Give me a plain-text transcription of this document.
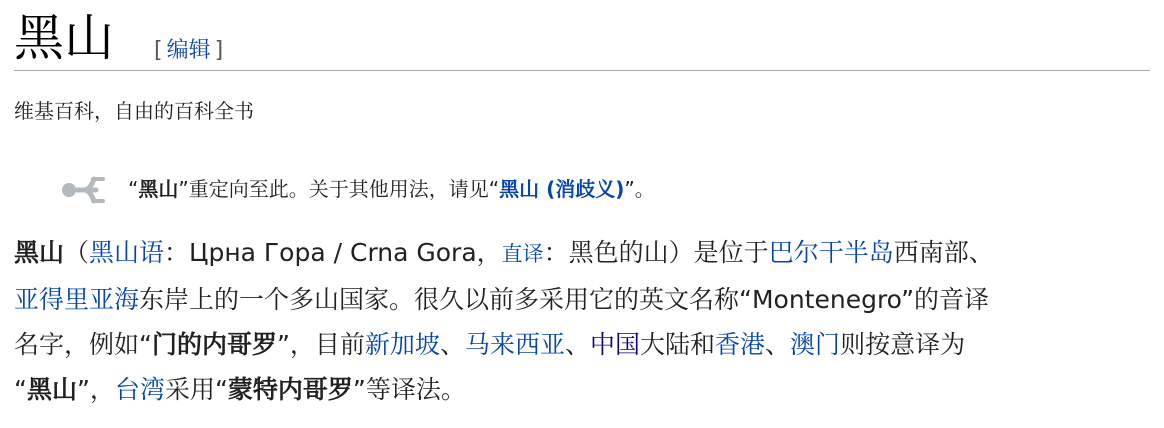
黑山 [ 编辑 ]
维基百科，自由的百科全书
“黑山”重定向至此。关于其他用法，请见“黑山 (消歧义)”。
黑山（黑山语：Црна Гора / Crna Gora，直译：黑色的山）是位于巴尔干半岛西南部、
亚得里亚海东岸上的一个多山国家。很久以前多采用它的英文名称“Montenegro”的音译
名字，例如“门的内哥罗”，目前新加坡、马来西亚、中国大陆和香港、澳门则按意译为
“黑山”，台湾采用“蒙特内哥罗”等译法。
